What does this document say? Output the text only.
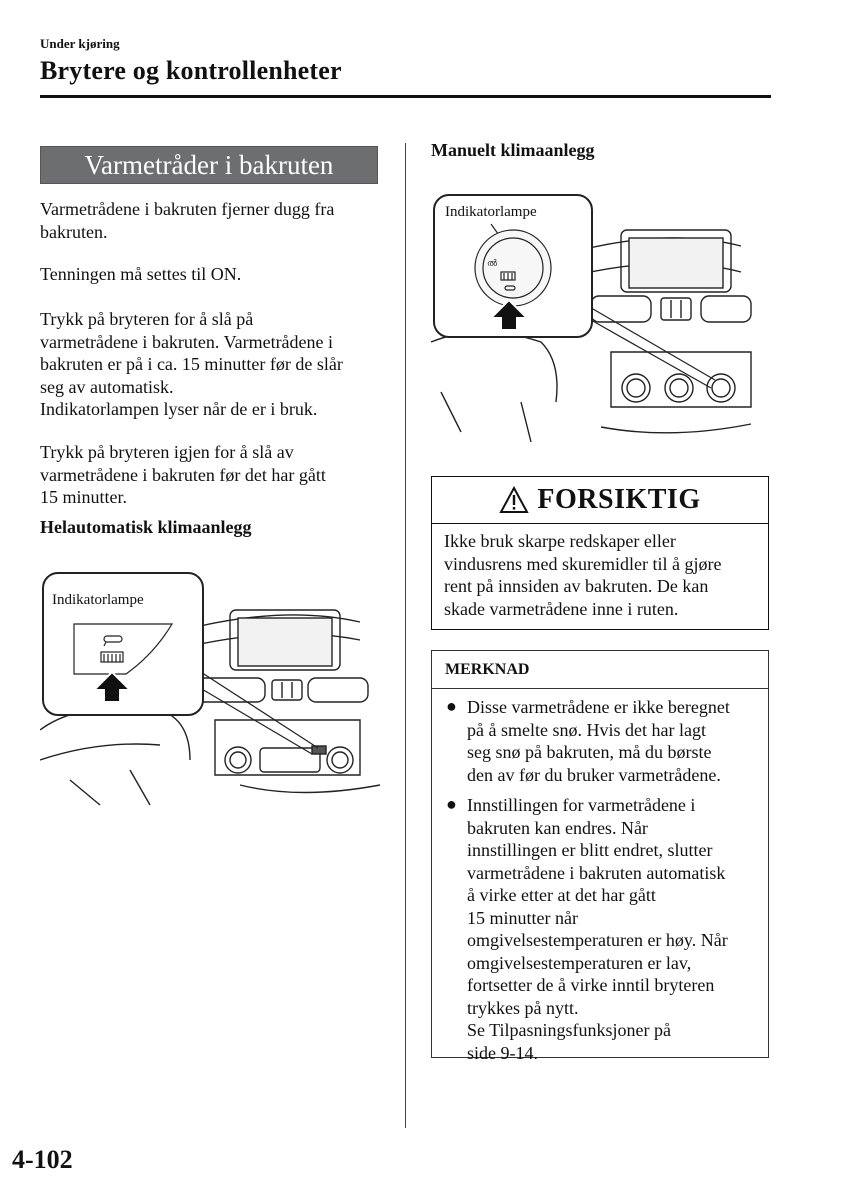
Under kjøring
Brytere og kontrollenheter
Varmetråder i bakruten
Varmetrådene i bakruten fjerner dugg fra
bakruten.
Tenningen må settes til ON.
Trykk på bryteren for å slå på
varmetrådene i bakruten. Varmetrådene i
bakruten er på i ca. 15 minutter før de slår
seg av automatisk.
Indikatorlampen lyser når de er i bruk.
Trykk på bryteren igjen for å slå av
varmetrådene i bakruten før det har gått
15 minutter.
Helautomatisk klimaanlegg
Indikatorlampe
Manuelt klimaanlegg
Indikatorlampe
ൽ
FORSIKTIG
Ikke bruk skarpe redskaper eller
vindusrens med skuremidler til å gjøre
rent på innsiden av bakruten. De kan
skade varmetrådene inne i ruten.
MERKNAD
● Disse varmetrådene er ikke beregnet
på å smelte snø. Hvis det har lagt
seg snø på bakruten, må du børste
den av før du bruker varmetrådene.
● Innstillingen for varmetrådene i
bakruten kan endres. Når
innstillingen er blitt endret, slutter
varmetrådene i bakruten automatisk
å virke etter at det har gått
15 minutter når
omgivelsestemperaturen er høy. Når
omgivelsestemperaturen er lav,
fortsetter de å virke inntil bryteren
trykkes på nytt.
Se Tilpasningsfunksjoner på
side 9-14.
4-102
